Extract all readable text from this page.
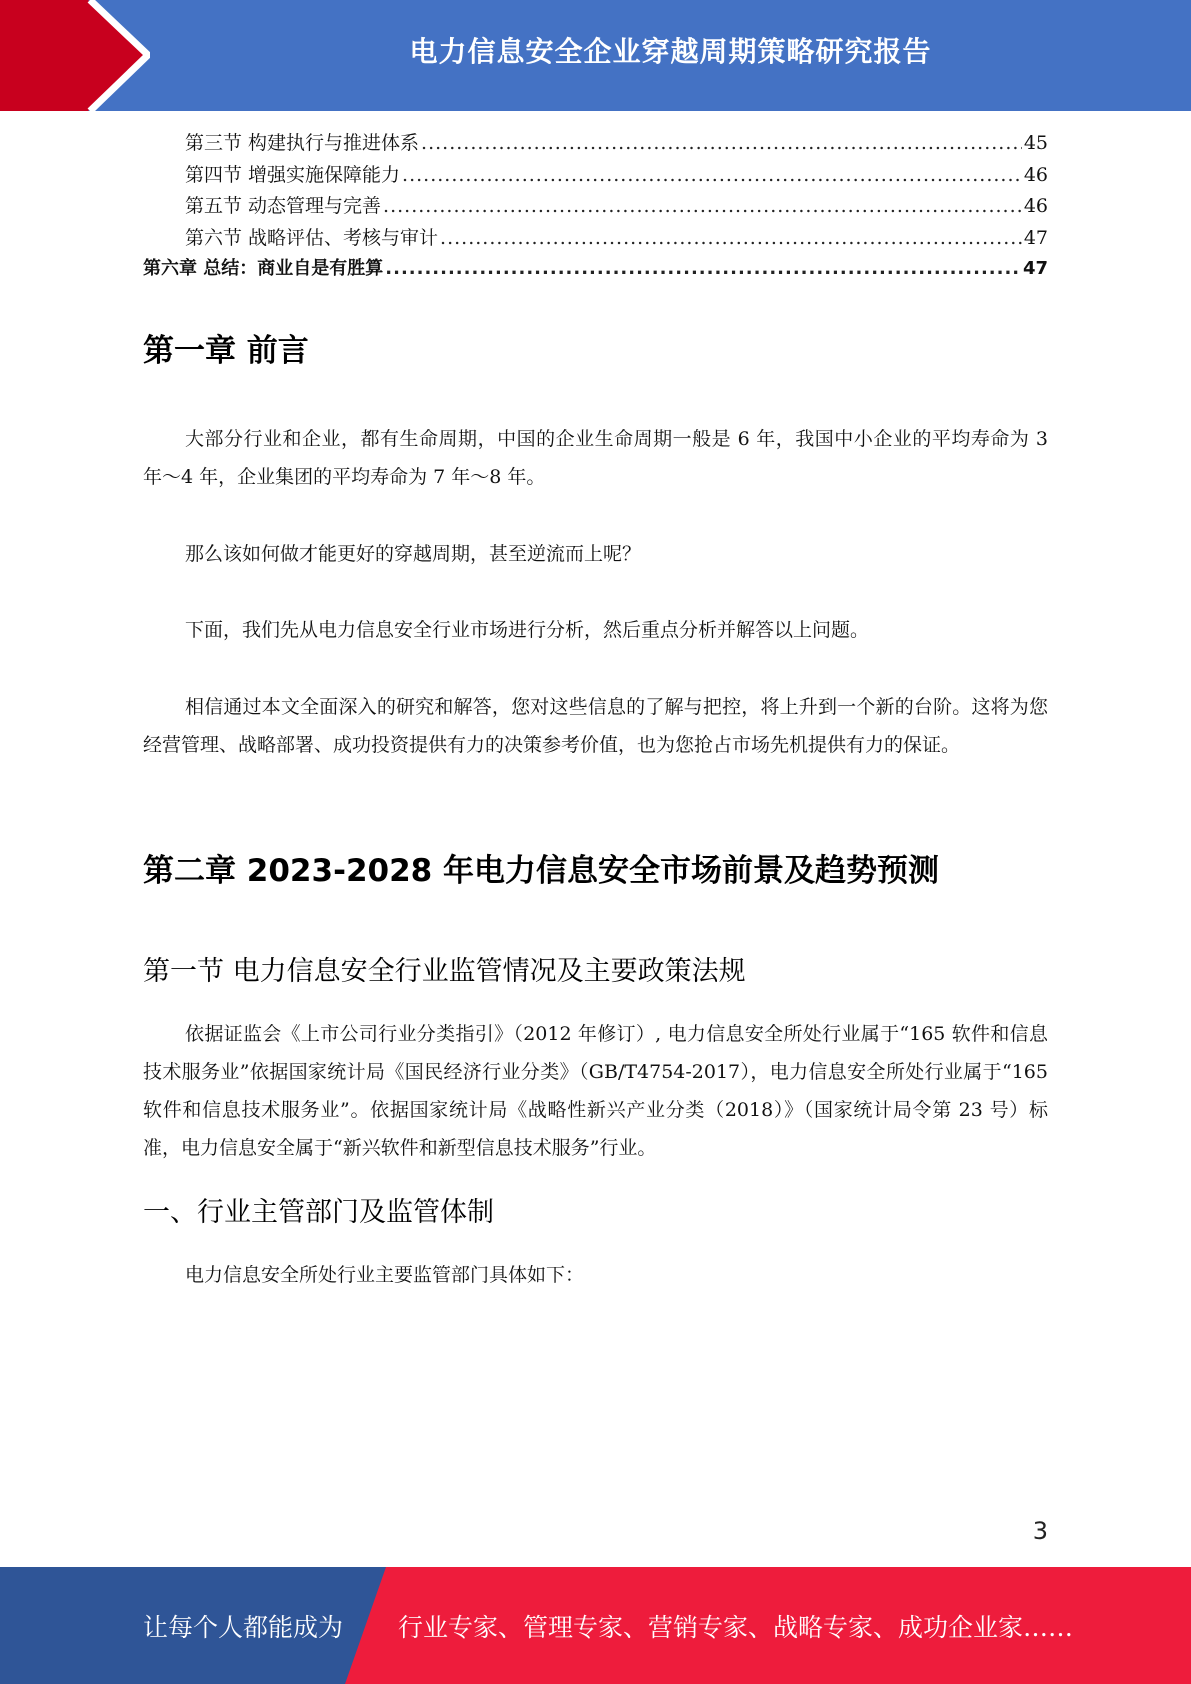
电力信息安全企业穿越周期策略研究报告
第三节 构建执行与推进体系 .....	45
第四节 增强实施保障能力 .....	46
第五节 动态管理与完善 .....	46
第六节 战略评估、考核与审计 .....	47
第六章 总结：商业自是有胜算 .....	47
第一章 前言
大部分行业和企业，都有生命周期，中国的企业生命周期一般是 6 年，我国中小企业的平均寿命为 3 年～4 年，企业集团的平均寿命为 7 年～8 年。
那么该如何做才能更好的穿越周期，甚至逆流而上呢？
下面，我们先从电力信息安全行业市场进行分析，然后重点分析并解答以上问题。
相信通过本文全面深入的研究和解答，您对这些信息的了解与把控，将上升到一个新的台阶。这将为您经营管理、战略部署、成功投资提供有力的决策参考价值，也为您抢占市场先机提供有力的保证。
第二章 2023-2028 年电力信息安全市场前景及趋势预测
第一节 电力信息安全行业监管情况及主要政策法规
依据证监会《上市公司行业分类指引》（2012 年修订）, 电力信息安全所处行业属于“165 软件和信息技术服务业”依据国家统计局《国民经济行业分类》（GB/T4754-2017），电力信息安全所处行业属于“165 软件和信息技术服务业”。依据国家统计局《战略性新兴产业分类（2018）》（国家统计局令第 23 号）标准，电力信息安全属于“新兴软件和新型信息技术服务”行业。
一、行业主管部门及监管体制
电力信息安全所处行业主要监管部门具体如下：
3
让每个人都能成为 行业专家、管理专家、营销专家、战略专家、成功企业家……
